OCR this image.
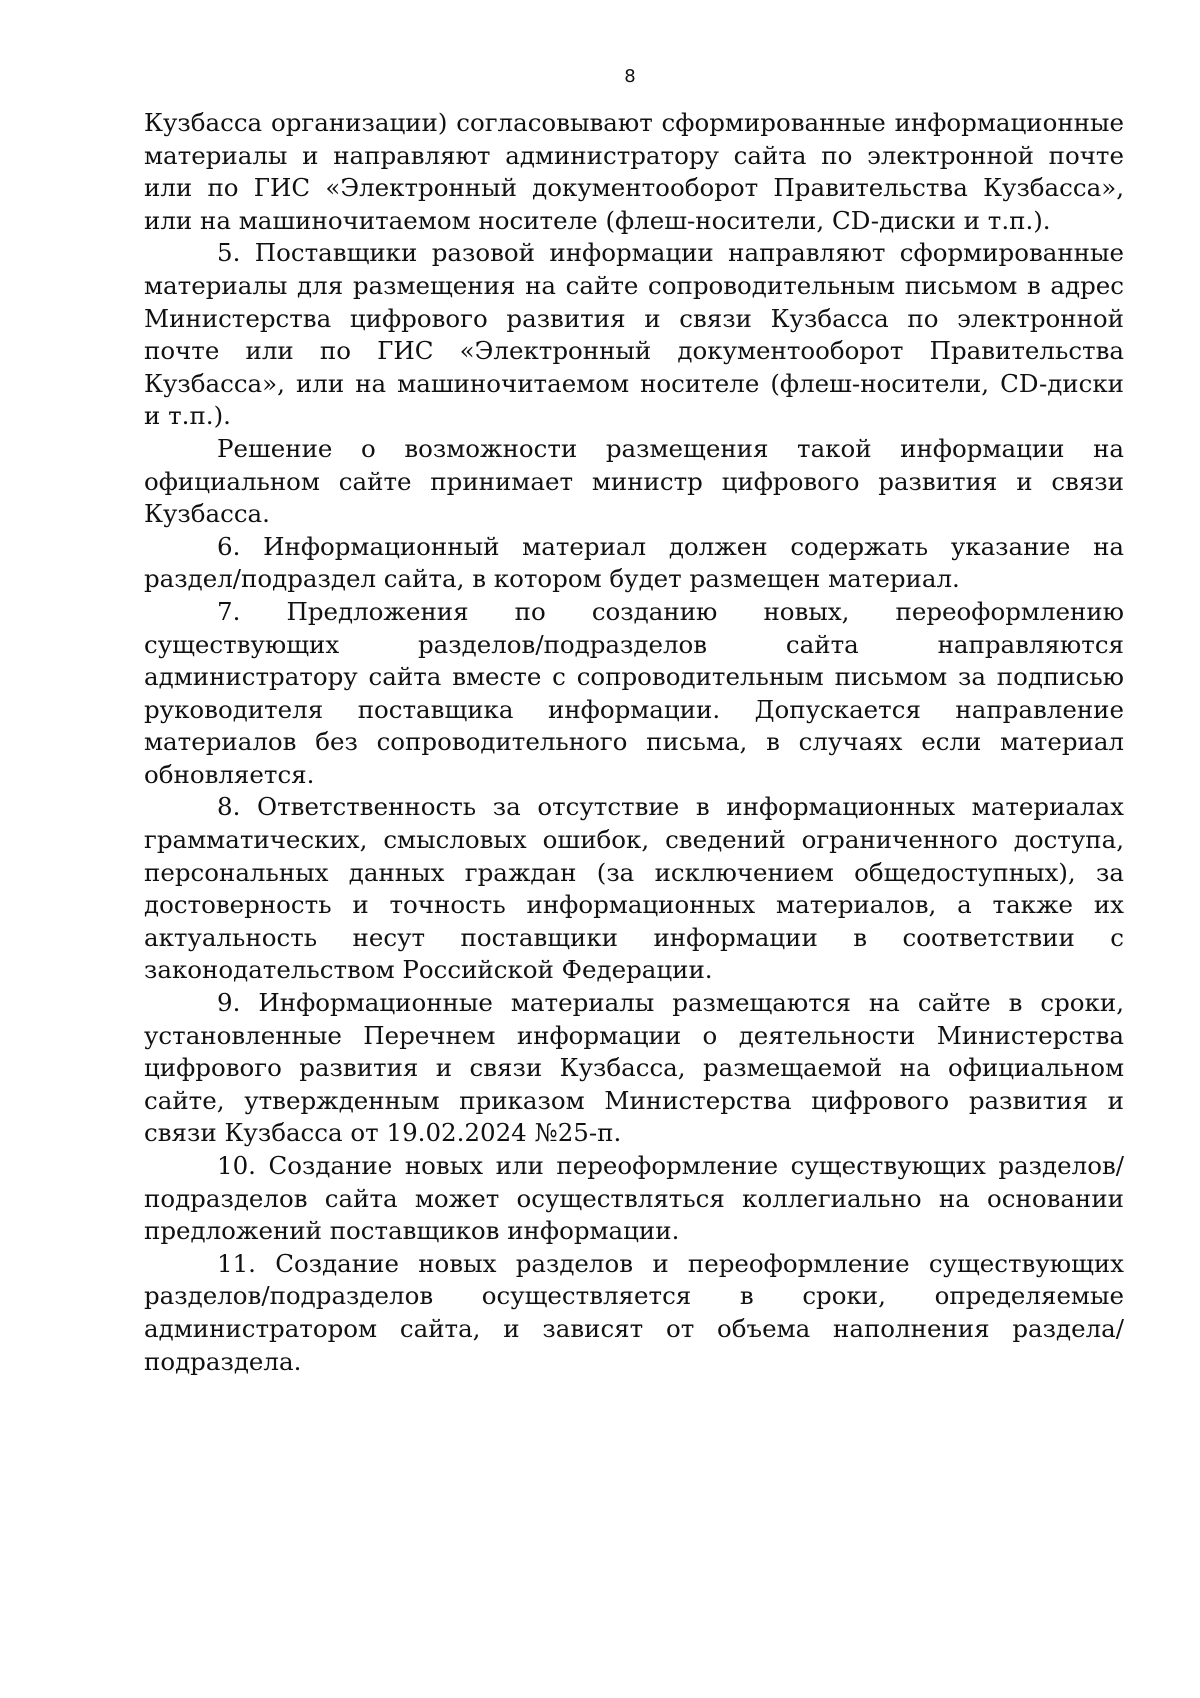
8

Кузбасса организации) согласовывают сформированные информационные материалы и направляют администратору сайта по электронной почте или по ГИС «Электронный документооборот Правительства Кузбасса», или на машиночитаемом носителе (флеш-носители, CD-диски и т.п.).

5. Поставщики разовой информации направляют сформированные материалы для размещения на сайте сопроводительным письмом в адрес Министерства цифрового развития и связи Кузбасса по электронной почте или по ГИС «Электронный документооборот Правительства Кузбасса», или на машиночитаемом носителе (флеш-носители, CD-диски и т.п.).

Решение о возможности размещения такой информации на официальном сайте принимает министр цифрового развития и связи Кузбасса.

6. Информационный материал должен содержать указание на раздел/подраздел сайта, в котором будет размещен материал.

7. Предложения по созданию новых, переоформлению существующих разделов/подразделов сайта направляются администратору сайта вместе с сопроводительным письмом за подписью руководителя поставщика информации. Допускается направление материалов без сопроводительного письма, в случаях если материал обновляется.

8. Ответственность за отсутствие в информационных материалах грамматических, смысловых ошибок, сведений ограниченного доступа, персональных данных граждан (за исключением общедоступных), за достоверность и точность информационных материалов, а также их актуальность несут поставщики информации в соответствии с законодательством Российской Федерации.

9. Информационные материалы размещаются на сайте в сроки, установленные Перечнем информации о деятельности Министерства цифрового развития и связи Кузбасса, размещаемой на официальном сайте, утвержденным приказом Министерства цифрового развития и связи Кузбасса от 19.02.2024 №25-п.

10. Создание новых или переоформление существующих разделов/подразделов сайта может осуществляться коллегиально на основании предложений поставщиков информации.

11. Создание новых разделов и переоформление существующих разделов/подразделов осуществляется в сроки, определяемые администратором сайта, и зависят от объема наполнения раздела/подраздела.
